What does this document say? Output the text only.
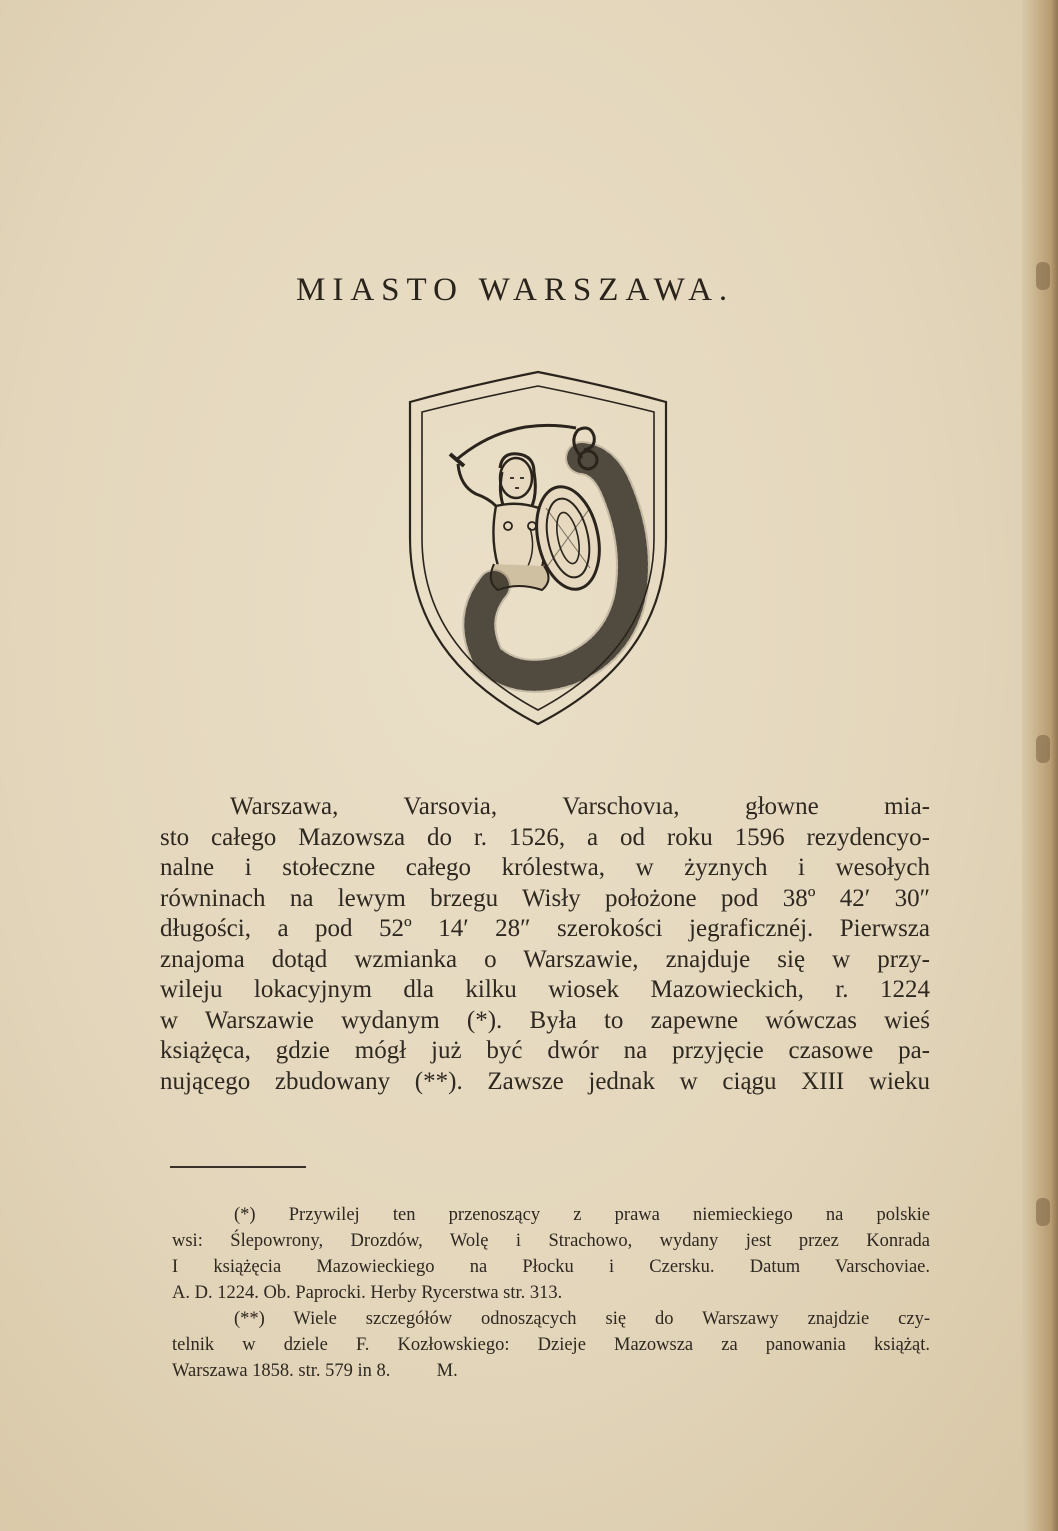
MIASTO WARSZAWA.
Warszawa, Varsovia, Varschovıa, głowne mia-
sto całego Mazowsza do r. 1526, a od roku 1596 rezydencyo-
nalne i stołeczne całego królestwa, w żyznych i wesołych
równinach na lewym brzegu Wisły położone pod 38º 42′ 30″
długości, a pod 52º 14′ 28″ szerokości jegraficznéj. Pierwsza
znajoma dotąd wzmianka o Warszawie, znajduje się w przy-
wileju lokacyjnym dla kilku wiosek Mazowieckich, r. 1224
w Warszawie wydanym (*). Była to zapewne wówczas wieś
książęca, gdzie mógł już być dwór na przyjęcie czasowe pa-
nującego zbudowany (**). Zawsze jednak w ciągu XIII wieku
(*) Przywilej ten przenoszący z prawa niemieckiego na polskie
wsi: Ślepowrony, Drozdów, Wolę i Strachowo, wydany jest przez Konrada
I książęcia Mazowieckiego na Płocku i Czersku. Datum Varschoviae.
A. D. 1224. Ob. Paprocki. Herby Rycerstwa str. 313.
(**) Wiele szczegółów odnoszących się do Warszawy znajdzie czy-
telnik w dziele F. Kozłowskiego: Dzieje Mazowsza za panowania książąt.
Warszawa 1858. str. 579 in 8.          M.
